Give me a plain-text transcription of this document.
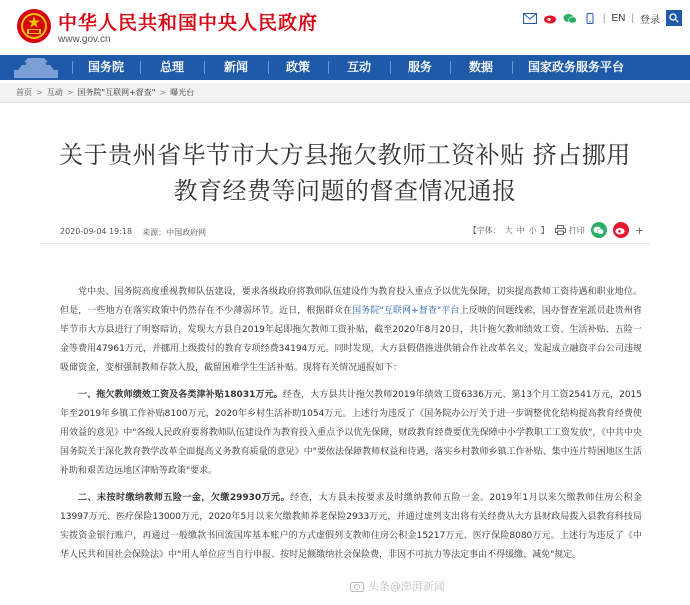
中华人民共和国中央人民政府
www.gov.cn
| EN | 登录
国务院	总理	新闻	政策	互动	服务	数据	国家政务服务平台
首页 > 互动 > 国务院"互联网+督查" > 曝光台
关于贵州省毕节市大方县拖欠教师工资补贴 挤占挪用
教育经费等问题的督查情况通报
2020-09-04 19:18 来源：中国政府网	【字体： 大 中 小 】	打印	+

党中央、国务院高度重视教师队伍建设，要求各级政府将教师队伍建设作为教育投入重点予以优先保障，切实提高教师工资待遇和职业地位。但是，一些地方在落实政策中仍然存在不少薄弱环节。近日，根据群众在国务院"互联网+督查"平台上反映的问题线索，国办督查室派员赴贵州省毕节市大方县进行了明察暗访，发现大方县自2019年起即拖欠教师工资补贴，截至2020年8月20日，共计拖欠教师绩效工资、生活补贴、五险一金等费用47961万元，并挪用上级拨付的教育专项经费34194万元。同时发现，大方县假借推进供销合作社改革名义，发起成立融资平台公司违规吸储资金，变相强制教师存款入股，截留困难学生生活补贴。现将有关情况通报如下：

一、拖欠教师绩效工资及各类津补贴18031万元。经查，大方县共计拖欠教师2019年绩效工资6336万元、第13个月工资2541万元，2015年至2019年乡镇工作补贴8100万元，2020年乡村生活补助1054万元。上述行为违反了《国务院办公厅关于进一步调整优化结构提高教育经费使用效益的意见》中"各级人民政府要将教师队伍建设作为教育投入重点予以优先保障，财政教育经费要优先保障中小学教职工工资发放"，《中共中央国务院关于深化教育教学改革全面提高义务教育质量的意见》中"要依法保障教师权益和待遇，落实乡村教师乡镇工作补贴、集中连片特困地区生活补助和艰苦边远地区津贴等政策"要求。

二、未按时缴纳教师五险一金，欠缴29930万元。经查，大方县未按要求及时缴纳教师五险一金。2019年1月以来欠缴教师住房公积金13997万元、医疗保险13000万元，2020年5月以来欠缴教师养老保险2933万元，并通过虚列支出将有关经费从大方县财政局拨入县教育科技局实拨资金银行账户，再通过一般缴款书回流国库基本账户的方式虚假列支教师住房公积金15217万元、医疗保险8080万元。上述行为违反了《中华人民共和国社会保险法》中"用人单位应当自行申报、按时足额缴纳社会保险费，非因不可抗力等法定事由不得缓缴、减免"规定。

头条@澎湃新闻
